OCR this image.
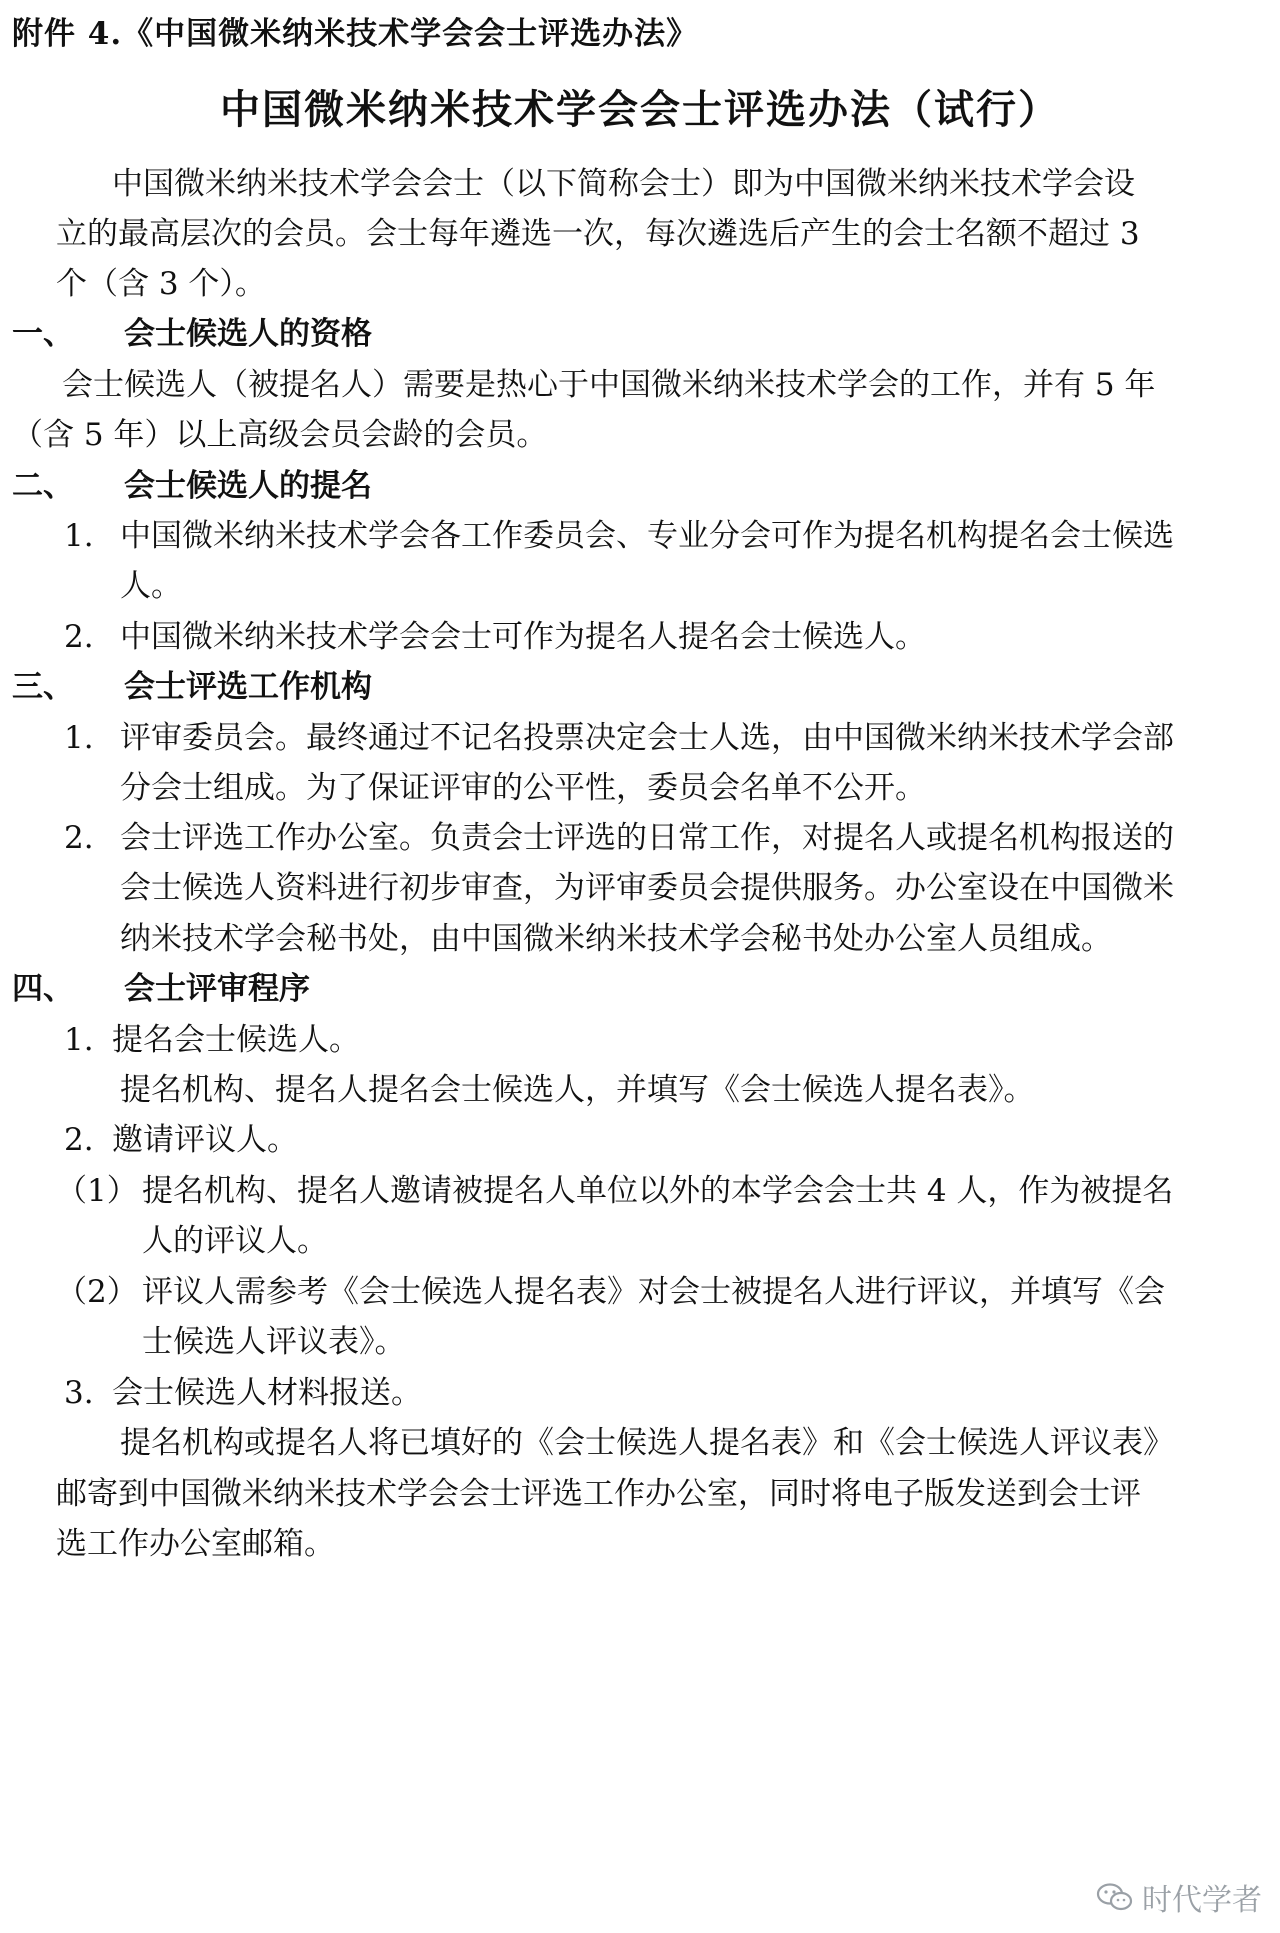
附件 4.《中国微米纳米技术学会会士评选办法》
中国微米纳米技术学会会士评选办法（试行）
中国微米纳米技术学会会士（以下简称会士）即为中国微米纳米技术学会设
立的最高层次的会员。会士每年遴选一次，每次遴选后产生的会士名额不超过 3
个（含 3 个）。
一、 会士候选人的资格
会士候选人（被提名人）需要是热心于中国微米纳米技术学会的工作，并有 5 年
（含 5 年）以上高级会员会龄的会员。
二、 会士候选人的提名
1. 中国微米纳米技术学会各工作委员会、专业分会可作为提名机构提名会士候选
人。
2. 中国微米纳米技术学会会士可作为提名人提名会士候选人。
三、 会士评选工作机构
1. 评审委员会。最终通过不记名投票决定会士人选，由中国微米纳米技术学会部
分会士组成。为了保证评审的公平性，委员会名单不公开。
2. 会士评选工作办公室。负责会士评选的日常工作，对提名人或提名机构报送的
会士候选人资料进行初步审查，为评审委员会提供服务。办公室设在中国微米
纳米技术学会秘书处，由中国微米纳米技术学会秘书处办公室人员组成。
四、 会士评审程序
1. 提名会士候选人。
提名机构、提名人提名会士候选人，并填写《会士候选人提名表》。
2. 邀请评议人。
（1） 提名机构、提名人邀请被提名人单位以外的本学会会士共 4 人，作为被提名
人的评议人。
（2） 评议人需参考《会士候选人提名表》对会士被提名人进行评议，并填写《会
士候选人评议表》。
3. 会士候选人材料报送。
提名机构或提名人将已填好的《会士候选人提名表》和《会士候选人评议表》
邮寄到中国微米纳米技术学会会士评选工作办公室，同时将电子版发送到会士评
选工作办公室邮箱。
时代学者
